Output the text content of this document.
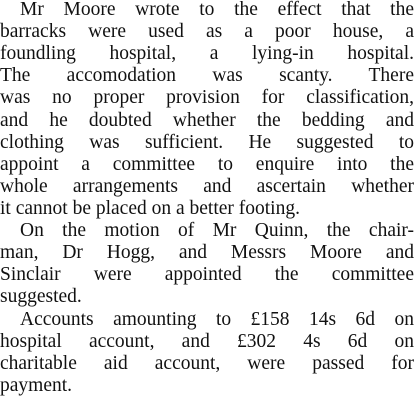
Mr Moore wrote to the effect that the
barracks were used as a poor house, a
foundling hospital, a lying-in hospital.
The accomodation was scanty. There
was no proper provision for classification,
and he doubted whether the bedding and
clothing was sufficient. He suggested to
appoint a committee to enquire into the
whole arrangements and ascertain whether
it cannot be placed on a better footing.
On the motion of Mr Quinn, the chair-
man, Dr Hogg, and Messrs Moore and
Sinclair were appointed the committee
suggested.
Accounts amounting to £158 14s 6d on
hospital account, and £302 4s 6d on
charitable aid account, were passed for
payment.
